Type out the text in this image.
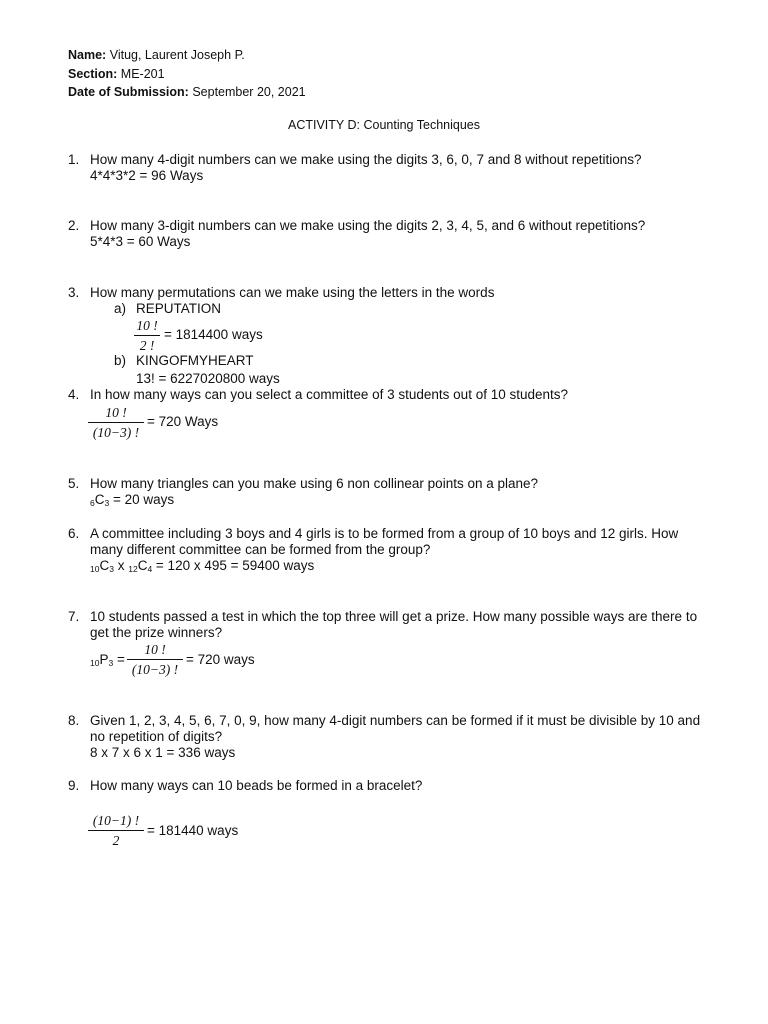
Name: Vitug, Laurent Joseph P.
Section: ME-201
Date of Submission: September 20, 2021
ACTIVITY D: Counting Techniques
1. How many 4-digit numbers can we make using the digits 3, 6, 0, 7 and 8 without repetitions?
4*4*3*2 = 96 Ways
2. How many 3-digit numbers can we make using the digits 2, 3, 4, 5, and 6 without repetitions?
5*4*3 = 60 Ways
3. How many permutations can we make using the letters in the words
a) REPUTATION
10 !
2 !
= 1814400 ways
b) KINGOFMYHEART
13! = 6227020800 ways
4. In how many ways can you select a committee of 3 students out of 10 students?
10 !
(10−3) !
= 720 Ways
5. How many triangles can you make using 6 non collinear points on a plane?
$_6C_3 = 20$ ways
6. A committee including 3 boys and 4 girls is to be formed from a group of 10 boys and 12 girls. How
many different committee can be formed from the group?
$_{10}C_3$ x $_{12}C_4 = 120$ x 495 = 59400 ways
7. 10 students passed a test in which the top three will get a prize. How many possible ways are there to
get the prize winners?
$_{10}P_3$ =
10 !
(10−3) !
= 720 ways
8. Given 1, 2, 3, 4, 5, 6, 7, 0, 9, how many 4-digit numbers can be formed if it must be divisible by 10 and
no repetition of digits?
8 x 7 x 6 x 1 = 336 ways
9. How many ways can 10 beads be formed in a bracelet?
(10−1) !
2
= 181440 ways
